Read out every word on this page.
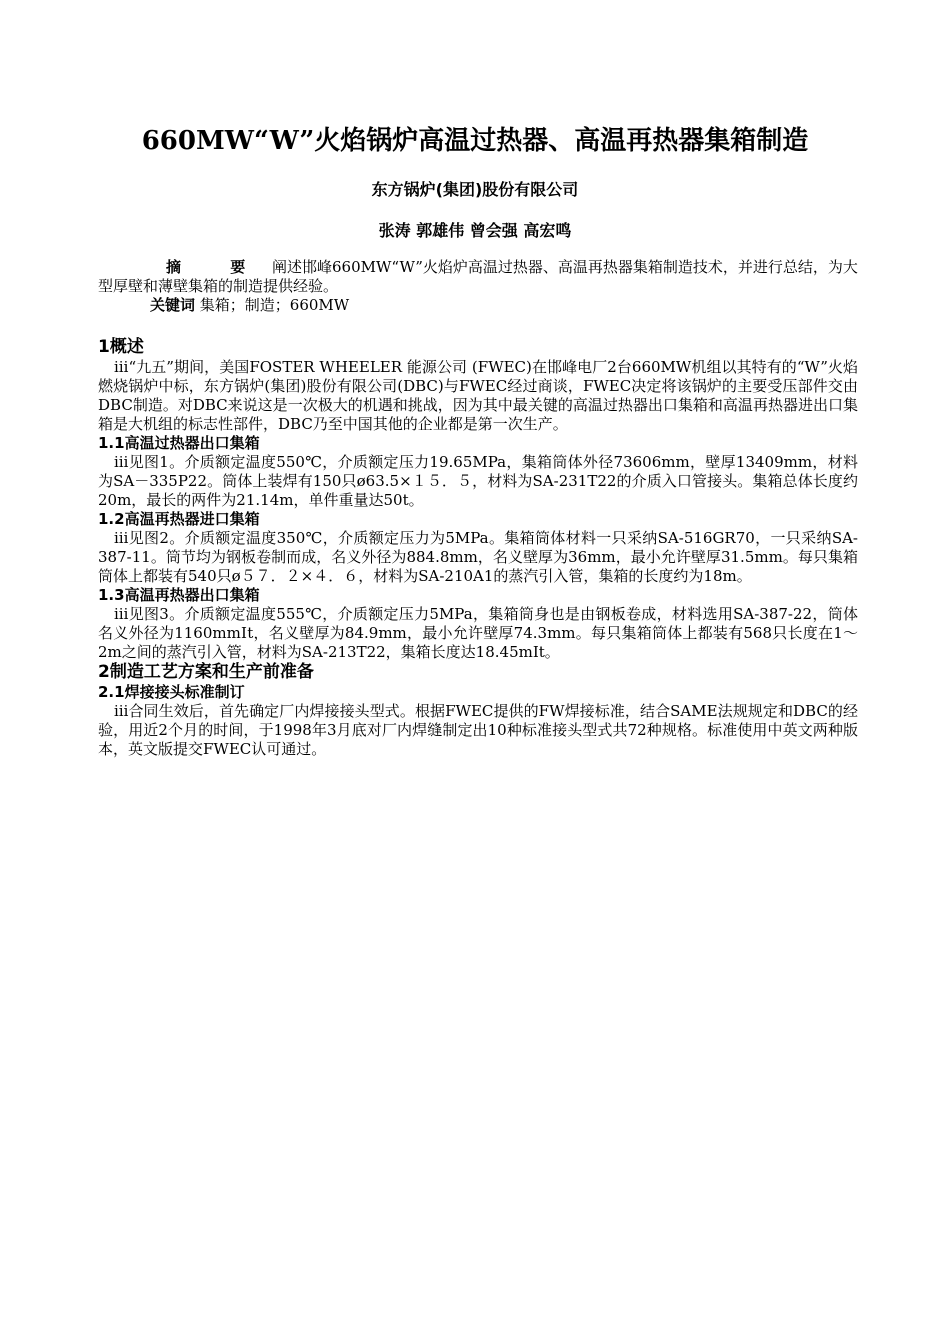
660MW“W”火焰锅炉高温过热器、高温再热器集箱制造
东方锅炉(集团)股份有限公司
张涛 郭雄伟 曾会强 高宏鸣

摘 要 阐述邯峰660MW“W”火焰炉高温过热器、高温再热器集箱制造技术，并进行总结，为大型厚壁和薄壁集箱的制造提供经验。

关键词 集箱；制造；660MW

1概述

ⅲ“九五”期间，美国FOSTER WHEELER 能源公司 (FWEC)在邯峰电厂2台660MW机组以其特有的“W”火焰燃烧锅炉中标，东方锅炉(集团)股份有限公司(DBC)与FWEC经过商谈，FWEC决定将该锅炉的主要受压部件交由DBC制造。对DBC来说这是一次极大的机遇和挑战，因为其中最关键的高温过热器出口集箱和高温再热器进出口集箱是大机组的标志性部件，DBC乃至中国其他的企业都是第一次生产。

1.1高温过热器出口集箱

ⅲ见图1。介质额定温度550℃，介质额定压力19.65MPa，集箱筒体外径73606mm，壁厚13409mm，材料为SA－335P22。筒体上装焊有150只ø63.5×１５．５，材料为SA-231T22的介质入口管接头。集箱总体长度约20m，最长的两件为21.14m，单件重量达50t。

1.2高温再热器进口集箱

ⅲ见图2。介质额定温度350℃，介质额定压力为5MPa。集箱筒体材料一只采纳SA-516GR70，一只采纳SA-387-11。筒节均为钢板卷制而成，名义外径为884.8mm，名义壁厚为36mm，最小允许壁厚31.5mm。每只集箱筒体上都装有540只ø５７．２×４．６，材料为SA-210A1的蒸汽引入管，集箱的长度约为18m。

1.3高温再热器出口集箱

ⅲ见图3。介质额定温度555℃，介质额定压力5MPa，集箱筒身也是由钢板卷成，材料选用SA-387-22，筒体名义外径为1160mmⅠt，名义壁厚为84.9mm，最小允许壁厚74.3mm。每只集箱筒体上都装有568只长度在1～2m之间的蒸汽引入管，材料为SA-213T22，集箱长度达18.45mⅠt。

2制造工艺方案和生产前准备
2.1焊接接头标准制订

ⅲ合同生效后，首先确定厂内焊接接头型式。根据FWEC提供的FW焊接标准，结合SAME法规规定和DBC的经验，用近2个月的时间，于1998年3月底对厂内焊缝制定出10种标准接头型式共72种规格。标准使用中英文两种版本，英文版提交FWEC认可通过。
